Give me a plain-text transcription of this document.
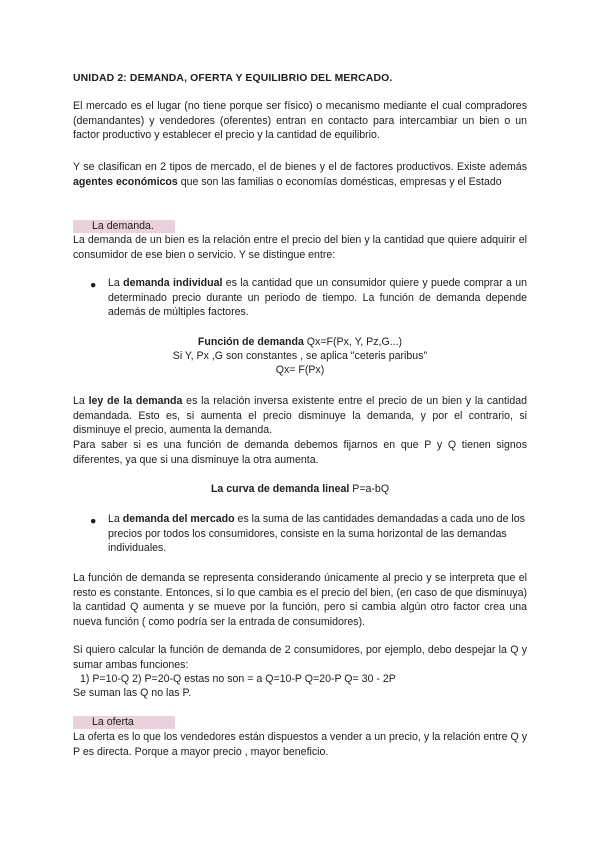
UNIDAD 2: DEMANDA, OFERTA Y EQUILIBRIO DEL MERCADO.

El mercado es el lugar (no tiene porque ser físico) o mecanismo mediante el cual compradores (demandantes) y vendedores (oferentes) entran en contacto para intercambiar un bien o un factor productivo y establecer el precio y la cantidad de equilibrio.

Y se clasifican en 2 tipos de mercado, el de bienes y el de factores productivos. Existe además agentes económicos que son las familias o economías domésticas, empresas y el Estado

La demanda.

La demanda de un bien es la relación entre el precio del bien y la cantidad que quiere adquirir el consumidor de ese bien o servicio. Y se distingue entre:

● La demanda individual es la cantidad que un consumidor quiere y puede comprar a un determinado precio durante un periodo de tiempo. La función de demanda depende además de múltiples factores.

Función de demanda Qx=F(Px, Y, Pz,G...)
Si Y, Px ,G son constantes , se aplica "ceteris paribus"
Qx= F(Px)

La ley de la demanda es la relación inversa existente entre el precio de un bien y la cantidad demandada. Esto es, si aumenta el precio disminuye la demanda, y por el contrario, si disminuye el precio, aumenta la demanda.

Para saber si es una función de demanda debemos fijarnos en que P y Q tienen signos diferentes, ya que si una disminuye la otra aumenta.

La curva de demanda lineal P=a-bQ
● La demanda del mercado es la suma de las cantidades demandadas a cada uno de los precios por todos los consumidores, consiste en la suma horizontal de las demandas individuales.

La función de demanda se representa considerando únicamente al precio y se interpreta que el resto es constante. Entonces, si lo que cambia es el precio del bien, (en caso de que disminuya) la cantidad Q aumenta y se mueve por la función, pero si cambia algún otro factor crea una nueva función ( como podría ser la entrada de consumidores).

Si quiero calcular la función de demanda de 2 consumidores, por ejemplo, debo despejar la Q y sumar ambas funciones:

1) P=10-Q 2) P=20-Q estas no son = a Q=10-P Q=20-P Q= 30 - 2P
Se suman las Q no las P.
La oferta

La oferta es lo que los vendedores están dispuestos a vender a un precio, y la relación entre Q y P es directa. Porque a mayor precio , mayor beneficio.
